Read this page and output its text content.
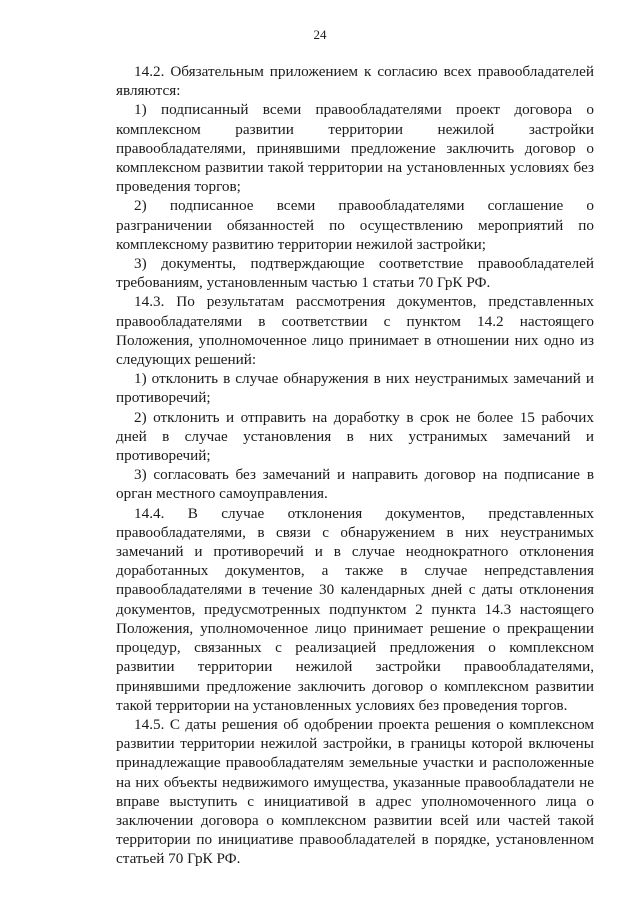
24

14.2. Обязательным приложением к согласию всех правообладателей являются:

1) подписанный всеми правообладателями проект договора о комплексном развитии территории нежилой застройки правообладателями, принявшими предложение заключить договор о комплексном развитии такой территории на установленных условиях без проведения торгов;

2) подписанное всеми правообладателями соглашение о разграничении обязанностей по осуществлению мероприятий по комплексному развитию территории нежилой застройки;

3) документы, подтверждающие соответствие правообладателей требованиям, установленным частью 1 статьи 70 ГрК РФ.

14.3. По результатам рассмотрения документов, представленных правообладателями в соответствии с пунктом 14.2 настоящего Положения, уполномоченное лицо принимает в отношении них одно из следующих решений:

1) отклонить в случае обнаружения в них неустранимых замечаний и противоречий;

2) отклонить и отправить на доработку в срок не более 15 рабочих дней в случае установления в них устранимых замечаний и противоречий;

3) согласовать без замечаний и направить договор на подписание в орган местного самоуправления.

14.4. В случае отклонения документов, представленных правообладателями, в связи с обнаружением в них неустранимых замечаний и противоречий и в случае неоднократного отклонения доработанных документов, а также в случае непредставления правообладателями в течение 30 календарных дней с даты отклонения документов, предусмотренных подпунктом 2 пункта 14.3 настоящего Положения, уполномоченное лицо принимает решение о прекращении процедур, связанных с реализацией предложения о комплексном развитии территории нежилой застройки правообладателями, принявшими предложение заключить договор о комплексном развитии такой территории на установленных условиях без проведения торгов.

14.5. С даты решения об одобрении проекта решения о комплексном развитии территории нежилой застройки, в границы которой включены принадлежащие правообладателям земельные участки и расположенные на них объекты недвижимого имущества, указанные правообладатели не вправе выступить с инициативой в адрес уполномоченного лица о заключении договора о комплексном развитии всей или частей такой территории по инициативе правообладателей в порядке, установленном статьей 70 ГрК РФ.
